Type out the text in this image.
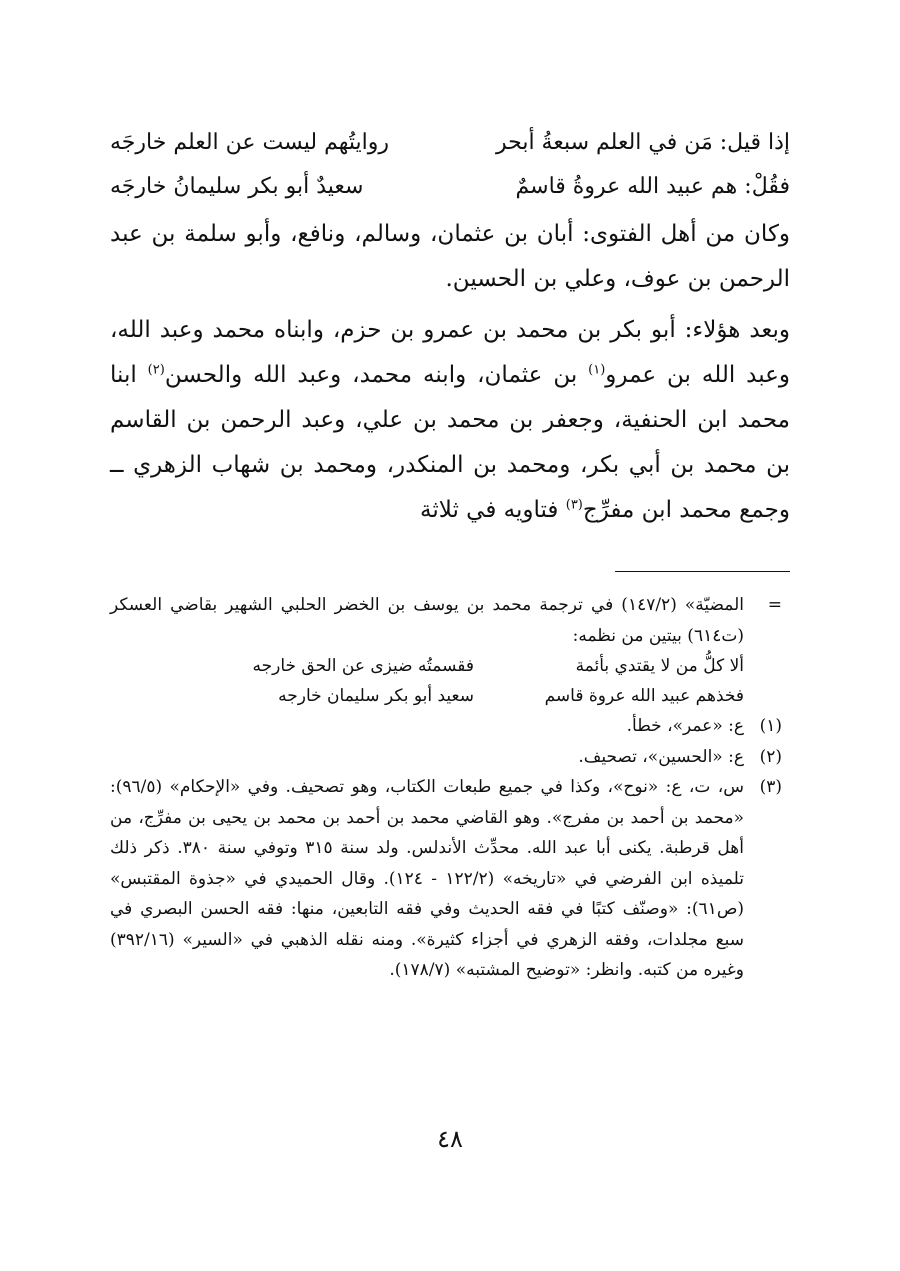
إذا قيل: مَن في العلم سبعةُ أبحر
روايتُهم ليست عن العلم خارجَه
فقُلْ: هم عبيد الله عروةُ قاسمٌ
سعيدٌ أبو بكر سليمانُ خارجَه

وكان من أهل الفتوى: أبان بن عثمان، وسالم، ونافع، وأبو سلمة بن عبد الرحمن بن عوف، وعلي بن الحسين.

وبعد هؤلاء: أبو بكر بن محمد بن عمرو بن حزم، وابناه محمد وعبد الله، وعبد الله بن عمرو$^{(١)}$ بن عثمان، وابنه محمد، وعبد الله والحسن$^{(٢)}$ ابنا محمد ابن الحنفية، وجعفر بن محمد بن علي، وعبد الرحمن بن القاسم بن محمد بن أبي بكر، ومحمد بن المنكدر، ومحمد بن شهاب الزهري ــ وجمع محمد ابن مفرِّج$^{(٣)}$ فتاويه في ثلاثة

=
المضيّة» (١٤٧/٢) في ترجمة محمد بن يوسف بن الخضر الحلبي الشهير بقاضي العسكر (ت٦١٤) بيتين من نظمه:

ألا كلُّ من لا يقتدي بأئمة
فقسمتُه ضيزى عن الحق خارجه
فخذهم عبيد الله عروة قاسم
سعيد أبو بكر سليمان خارجه

(١)
ع: «عمر»، خطأ.

(٢)
ع: «الحسين»، تصحيف.

(٣)
س، ت، ع: «نوح»، وكذا في جميع طبعات الكتاب، وهو تصحيف. وفي «الإحكام» (٩٦/٥): «محمد بن أحمد بن مفرج». وهو القاضي محمد بن أحمد بن محمد بن يحيى بن مفرِّج، من أهل قرطبة. يكنى أبا عبد الله. محدِّث الأندلس. ولد سنة ٣١٥ وتوفي سنة ٣٨٠. ذكر ذلك تلميذه ابن الفرضي في «تاريخه» (١٢٢/٢ - ١٢٤). وقال الحميدي في «جذوة المقتبس» (ص٦١): «وصنّف كتبًا في فقه الحديث وفي فقه التابعين، منها: فقه الحسن البصري في سبع مجلدات، وفقه الزهري في أجزاء كثيرة». ومنه نقله الذهبي في «السير» (٣٩٢/١٦) وغيره من كتبه. وانظر: «توضيح المشتبه» (١٧٨/٧).

٤٨
